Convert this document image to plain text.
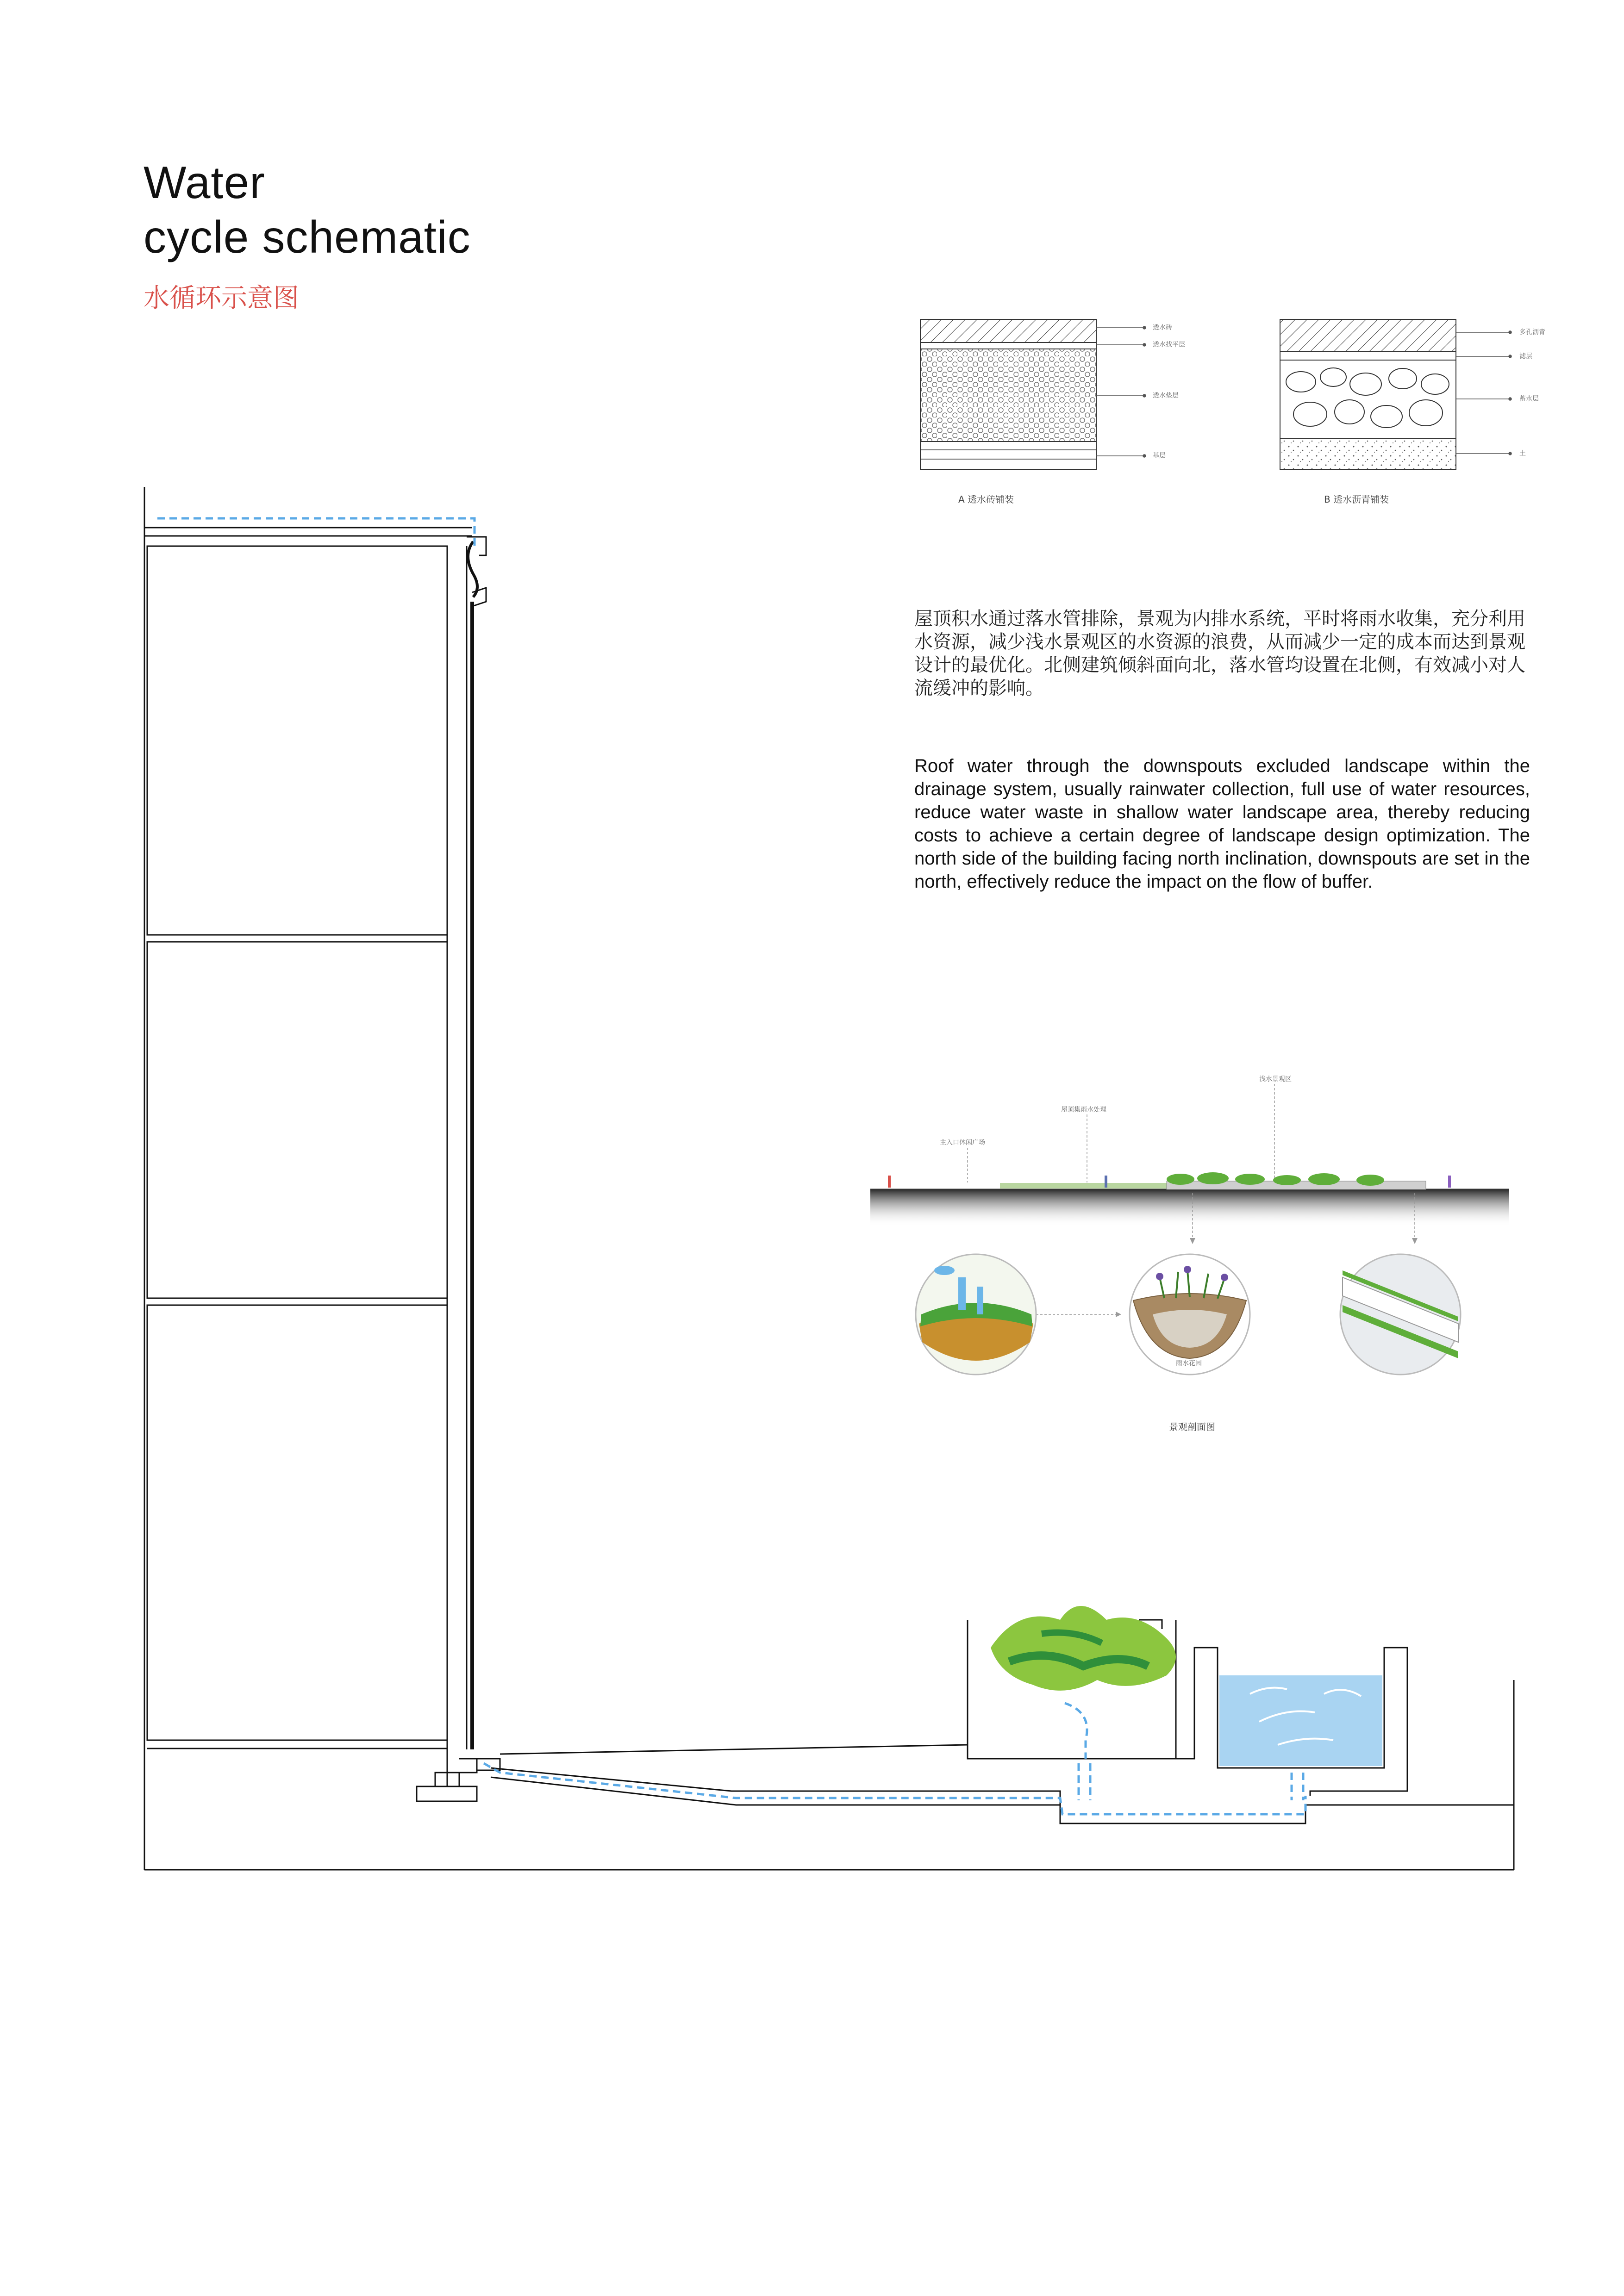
Water
cycle schematic
水循环示意图
屋顶积水通过落水管排除，景观为内排水系统，平时将雨水收集，充分利用水资源，减少浅水景观区的水资源的浪费，从而减少一定的成本而达到景观设计的最优化。北侧建筑倾斜面向北，落水管均设置在北侧，有效减小对人流缓冲的影响。
Roof water through the downspouts excluded landscape within the drainage system, usually rainwater collection, full use of water resources, reduce water waste in shallow water landscape area, thereby reducing costs to achieve a certain degree of landscape design optimization. The north side of the building facing north inclination, downspouts are set in the north, effectively reduce the impact on the flow of buffer.
透水砖
透水找平层
透水垫层
基层
A 透水砖铺装
多孔沥青
滤层
蓄水层
土
B 透水沥青铺装
主入口休闲广场
屋顶集雨水处理
浅水景观区
雨水花园
景观剖面图
